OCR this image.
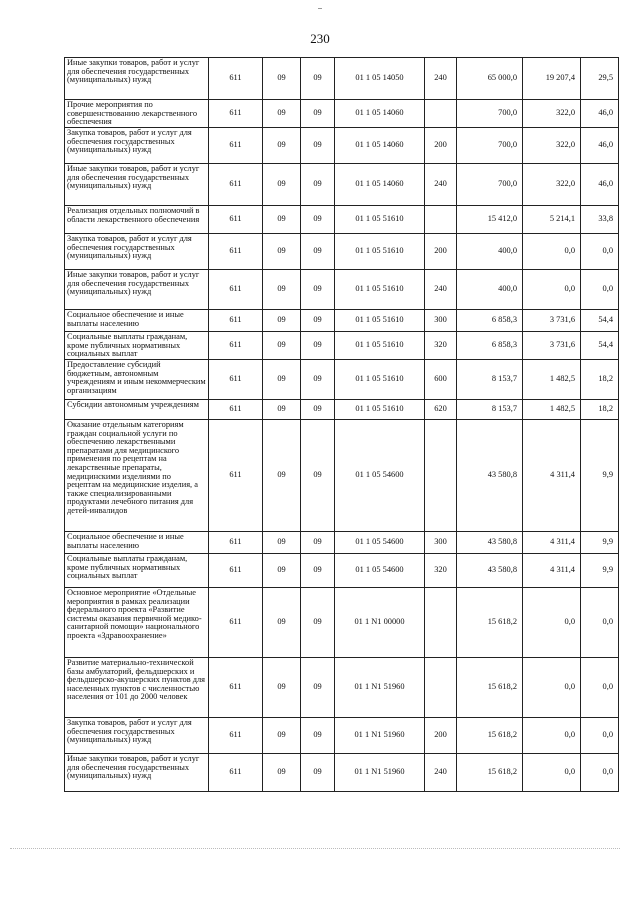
230
Иные закупки товаров, работ и услуг для обеспечения государственных (муниципальных) нужд	611	09	09	01 1 05 14050	240	65 000,0	19 207,4	29,5
Прочие мероприятия по совершенствованию лекарственного обеспечения	611	09	09	01 1 05 14060		700,0	322,0	46,0
Закупка товаров, работ и услуг для обеспечения государственных (муниципальных) нужд	611	09	09	01 1 05 14060	200	700,0	322,0	46,0
Иные закупки товаров, работ и услуг для обеспечения государственных (муниципальных) нужд	611	09	09	01 1 05 14060	240	700,0	322,0	46,0
Реализация отдельных полномочий в области лекарственного обеспечения	611	09	09	01 1 05 51610		15 412,0	5 214,1	33,8
Закупка товаров, работ и услуг для обеспечения государственных (муниципальных) нужд	611	09	09	01 1 05 51610	200	400,0	0,0	0,0
Иные закупки товаров, работ и услуг для обеспечения государственных (муниципальных) нужд	611	09	09	01 1 05 51610	240	400,0	0,0	0,0
Социальное обеспечение и иные выплаты населению	611	09	09	01 1 05 51610	300	6 858,3	3 731,6	54,4
Социальные выплаты гражданам, кроме публичных нормативных социальных выплат	611	09	09	01 1 05 51610	320	6 858,3	3 731,6	54,4
Предоставление субсидий бюджетным, автономным учреждениям и иным некоммерческим организациям	611	09	09	01 1 05 51610	600	8 153,7	1 482,5	18,2
Субсидии автономным учреждениям	611	09	09	01 1 05 51610	620	8 153,7	1 482,5	18,2
Оказание отдельным категориям граждан социальной услуги по обеспечению лекарственными препаратами для медицинского применения по рецептам на лекарственные препараты, медицинскими изделиями по рецептам на медицинские изделия, а также специализированными продуктами лечебного питания для детей-инвалидов	611	09	09	01 1 05 54600		43 580,8	4 311,4	9,9
Социальное обеспечение и иные выплаты населению	611	09	09	01 1 05 54600	300	43 580,8	4 311,4	9,9
Социальные выплаты гражданам, кроме публичных нормативных социальных выплат	611	09	09	01 1 05 54600	320	43 580,8	4 311,4	9,9
Основное мероприятие «Отдельные мероприятия в рамках реализации федерального проекта «Развитие системы оказания первичной медико-санитарной помощи» национального проекта «Здравоохранение»	611	09	09	01 1 N1 00000		15 618,2	0,0	0,0
Развитие материально-технической базы амбулаторий, фельдшерских и фельдшерско-акушерских пунктов для населенных пунктов с численностью населения от 101 до 2000 человек	611	09	09	01 1 N1 51960		15 618,2	0,0	0,0
Закупка товаров, работ и услуг для обеспечения государственных (муниципальных) нужд	611	09	09	01 1 N1 51960	200	15 618,2	0,0	0,0
Иные закупки товаров, работ и услуг для обеспечения государственных (муниципальных) нужд	611	09	09	01 1 N1 51960	240	15 618,2	0,0	0,0
